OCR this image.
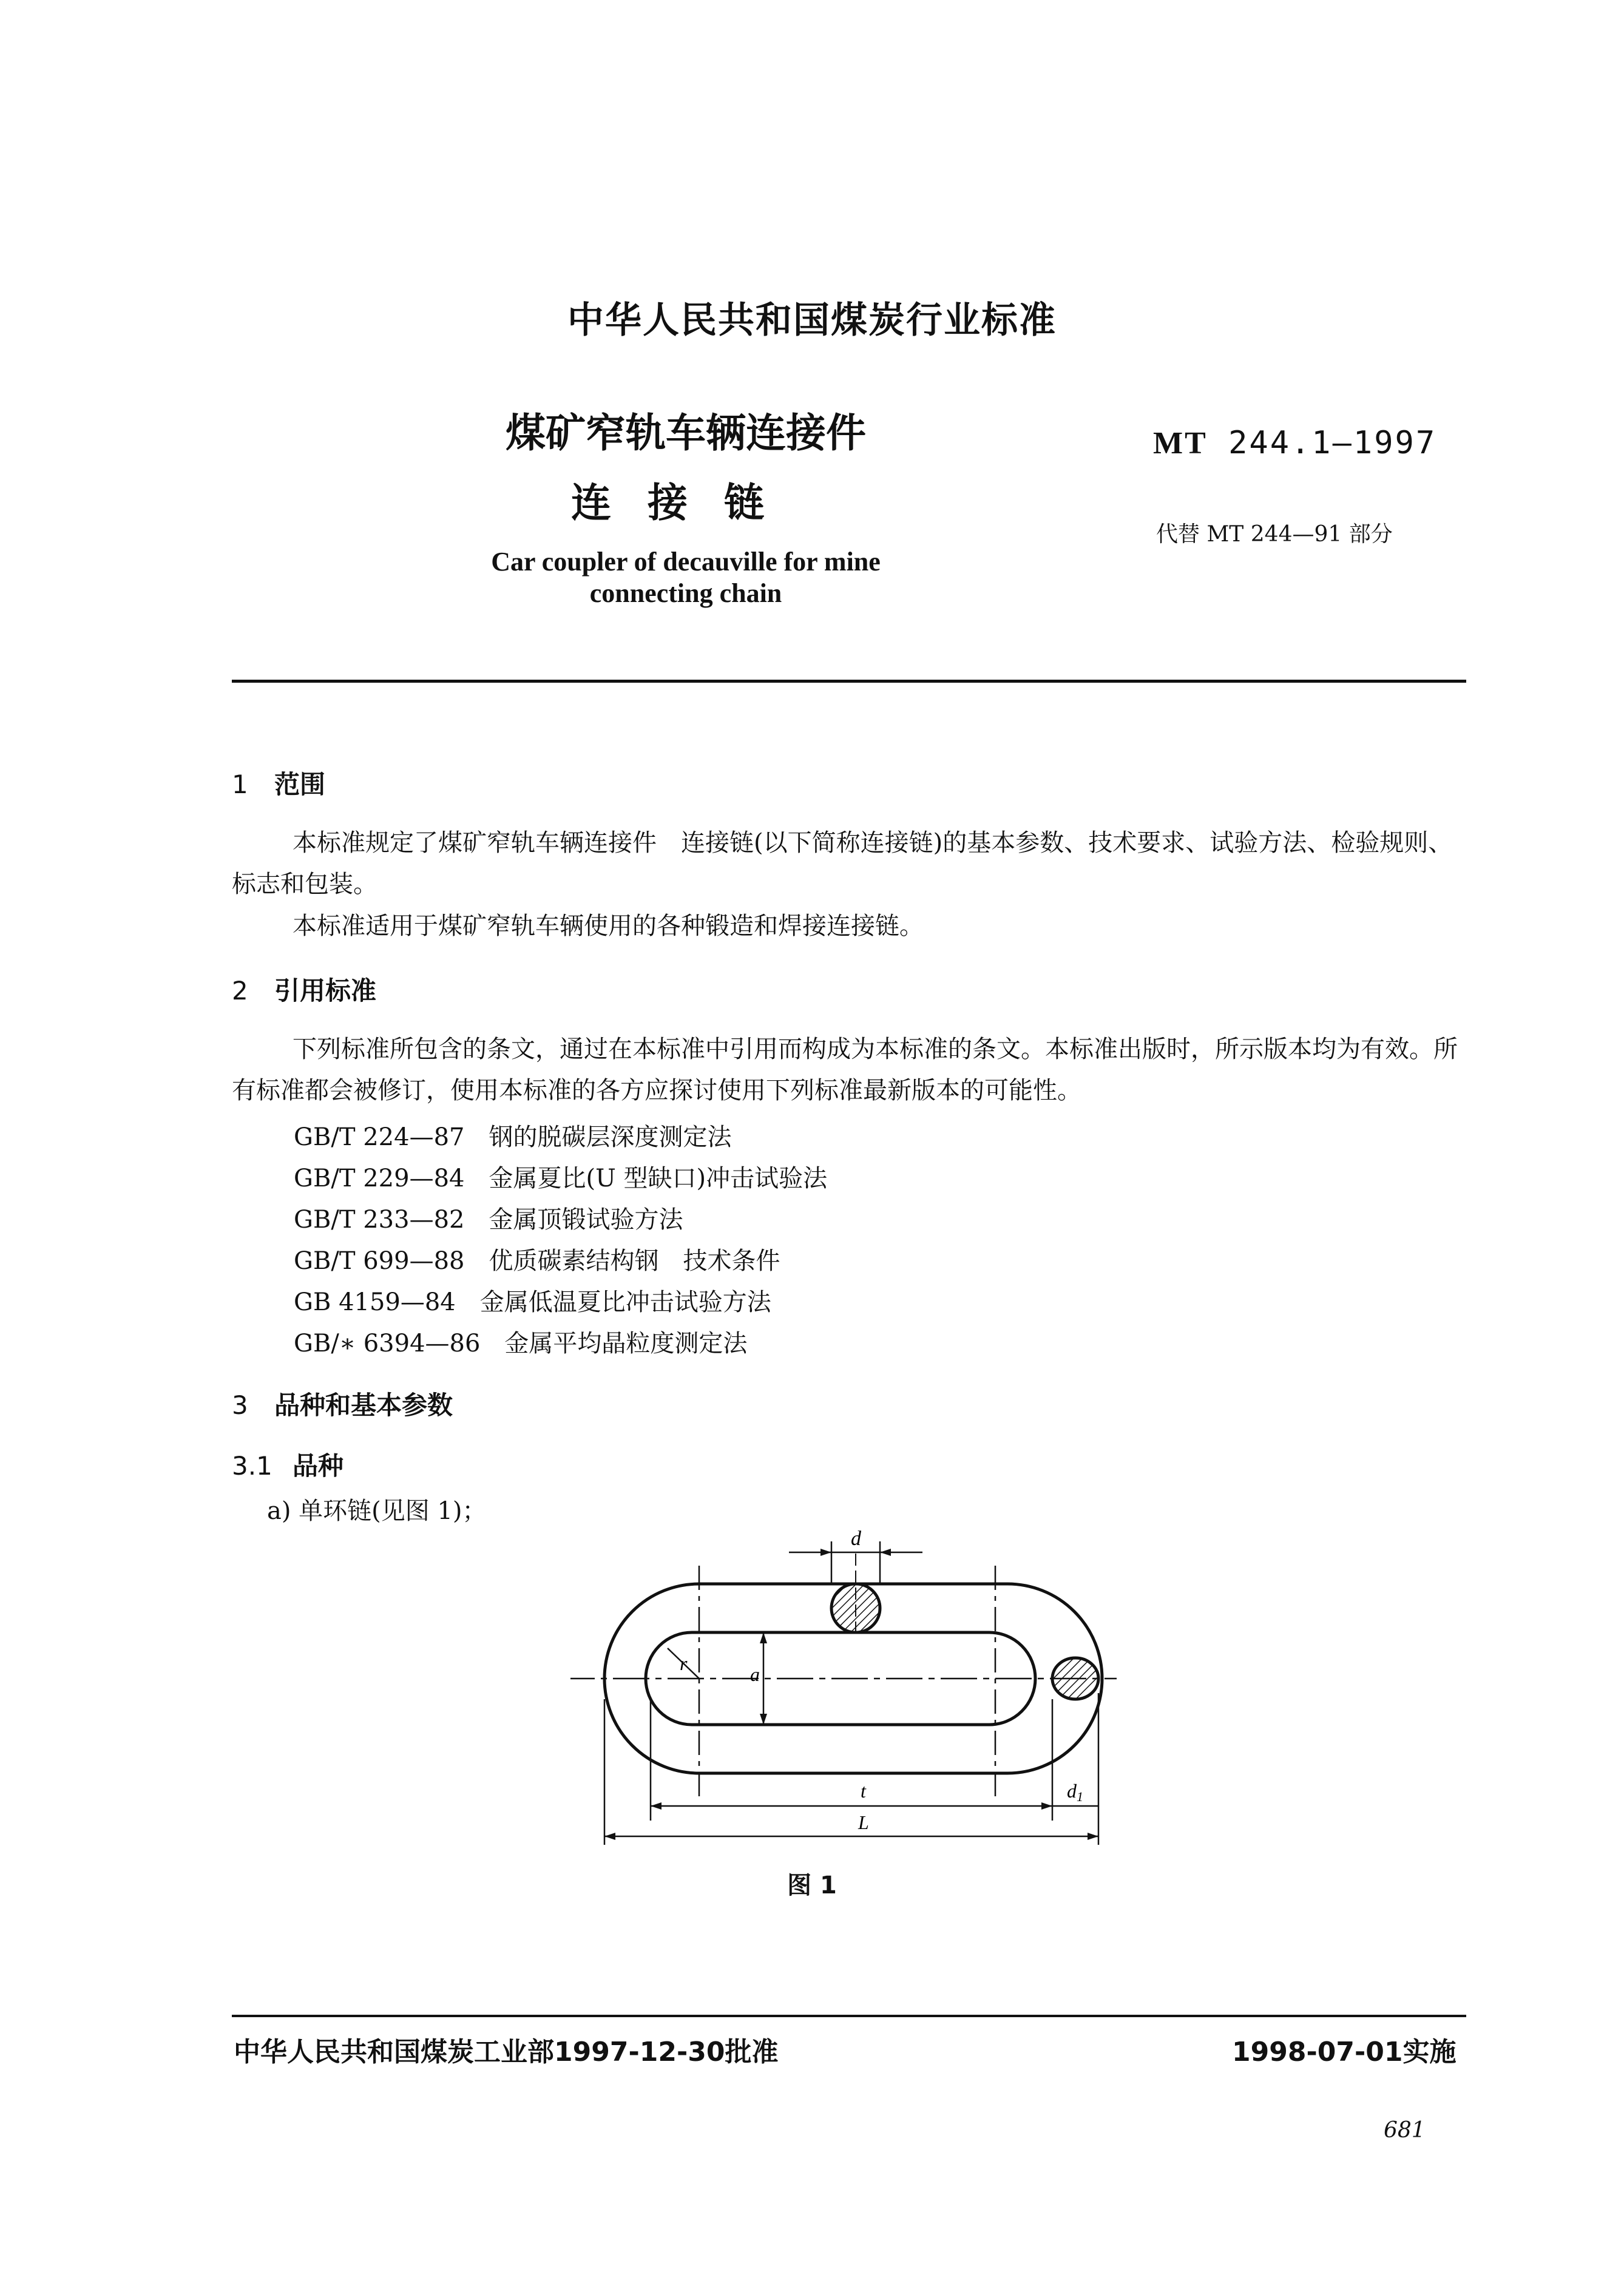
中华人民共和国煤炭行业标准
煤矿窄轨车辆连接件
连接链
Car coupler of decauville for mine
connecting chain
MT 244.1—1997
代替 MT 244—91 部分
1 范围
本标准规定了煤矿窄轨车辆连接件　连接链(以下简称连接链)的基本参数、技术要求、试验方法、检验规则、标志和包装。
本标准适用于煤矿窄轨车辆使用的各种锻造和焊接连接链。
2 引用标准
下列标准所包含的条文，通过在本标准中引用而构成为本标准的条文。本标准出版时，所示版本均为有效。所有标准都会被修订，使用本标准的各方应探讨使用下列标准最新版本的可能性。
GB/T 224—87　钢的脱碳层深度测定法
GB/T 229—84　金属夏比(U 型缺口)冲击试验法
GB/T 233—82　金属顶锻试验方法
GB/T 699—88　优质碳素结构钢　技术条件
GB 4159—84　金属低温夏比冲击试验方法
GB/∗ 6394—86　金属平均晶粒度测定法
3 品种和基本参数
3.1 品种
a) 单环链(见图 1)；
d
a
r
t	d1
L
图 1
中华人民共和国煤炭工业部1997-12-30批准	1998-07-01实施
681
